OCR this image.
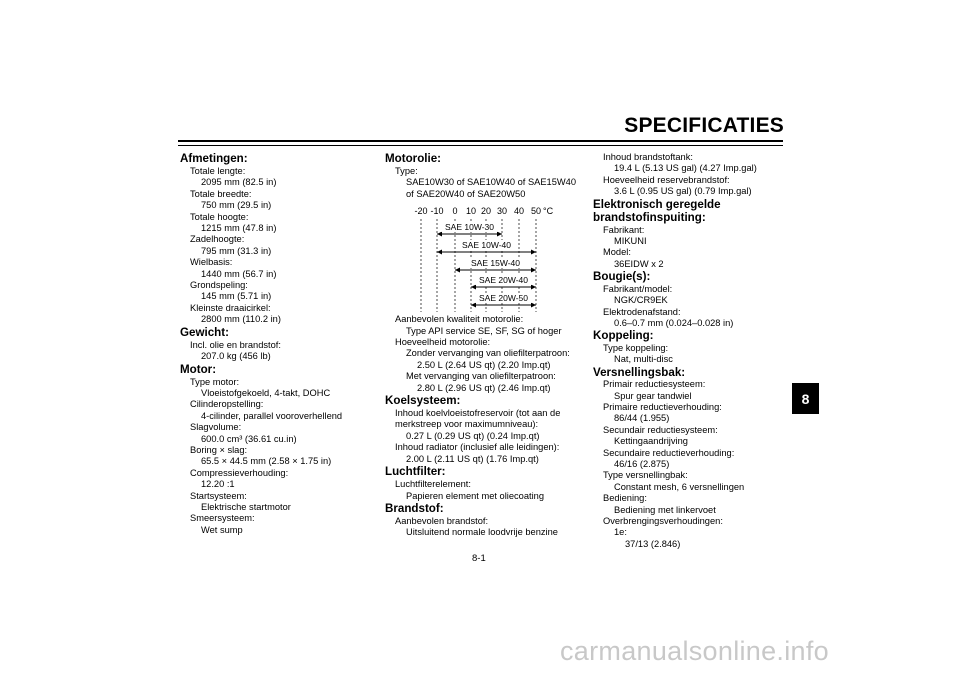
SPECIFICATIES
8
Afmetingen:
Totale lengte:
2095 mm (82.5 in)
Totale breedte:
750 mm (29.5 in)
Totale hoogte:
1215 mm (47.8 in)
Zadelhoogte:
795 mm (31.3 in)
Wielbasis:
1440 mm (56.7 in)
Grondspeling:
145 mm (5.71 in)
Kleinste draaicirkel:
2800 mm (110.2 in)
Gewicht:
Incl. olie en brandstof:
207.0 kg (456 lb)
Motor:
Type motor:
Vloeistofgekoeld, 4-takt, DOHC
Cilinderopstelling:
4-cilinder, parallel vooroverhellend
Slagvolume:
600.0 cm³ (36.61 cu.in)
Boring × slag:
65.5 × 44.5 mm (2.58 × 1.75 in)
Compressieverhouding:
12.20 :1
Startsysteem:
Elektrische startmotor
Smeersysteem:
Wet sump
Motorolie:
Type:
SAE10W30 of SAE10W40 of SAE15W40
of SAE20W40 of SAE20W50
-20 -10 0 10 20 30 40 50 °C
SAE 10W-30
SAE 10W-40
SAE 15W-40
SAE 20W-40
SAE 20W-50
Aanbevolen kwaliteit motorolie:
Type API service SE, SF, SG of hoger
Hoeveelheid motorolie:
Zonder vervanging van oliefilterpatroon:
2.50 L (2.64 US qt) (2.20 Imp.qt)
Met vervanging van oliefilterpatroon:
2.80 L (2.96 US qt) (2.46 Imp.qt)
Koelsysteem:
Inhoud koelvloeistofreservoir (tot aan de
merkstreep voor maximumniveau):
0.27 L (0.29 US qt) (0.24 Imp.qt)
Inhoud radiator (inclusief alle leidingen):
2.00 L (2.11 US qt) (1.76 Imp.qt)
Luchtfilter:
Luchtfilterelement:
Papieren element met oliecoating
Brandstof:
Aanbevolen brandstof:
Uitsluitend normale loodvrije benzine
Inhoud brandstoftank:
19.4 L (5.13 US gal) (4.27 Imp.gal)
Hoeveelheid reservebrandstof:
3.6 L (0.95 US gal) (0.79 Imp.gal)
Elektronisch geregelde
brandstofinspuiting:
Fabrikant:
MIKUNI
Model:
36EIDW x 2
Bougie(s):
Fabrikant/model:
NGK/CR9EK
Elektrodenafstand:
0.6–0.7 mm (0.024–0.028 in)
Koppeling:
Type koppeling:
Nat, multi-disc
Versnellingsbak:
Primair reductiesysteem:
Spur gear tandwiel
Primaire reductieverhouding:
86/44 (1.955)
Secundair reductiesysteem:
Kettingaandrijving
Secundaire reductieverhouding:
46/16 (2.875)
Type versnellingbak:
Constant mesh, 6 versnellingen
Bediening:
Bediening met linkervoet
Overbrengingsverhoudingen:
1e:
37/13 (2.846)
8-1
carmanualsonline.info
